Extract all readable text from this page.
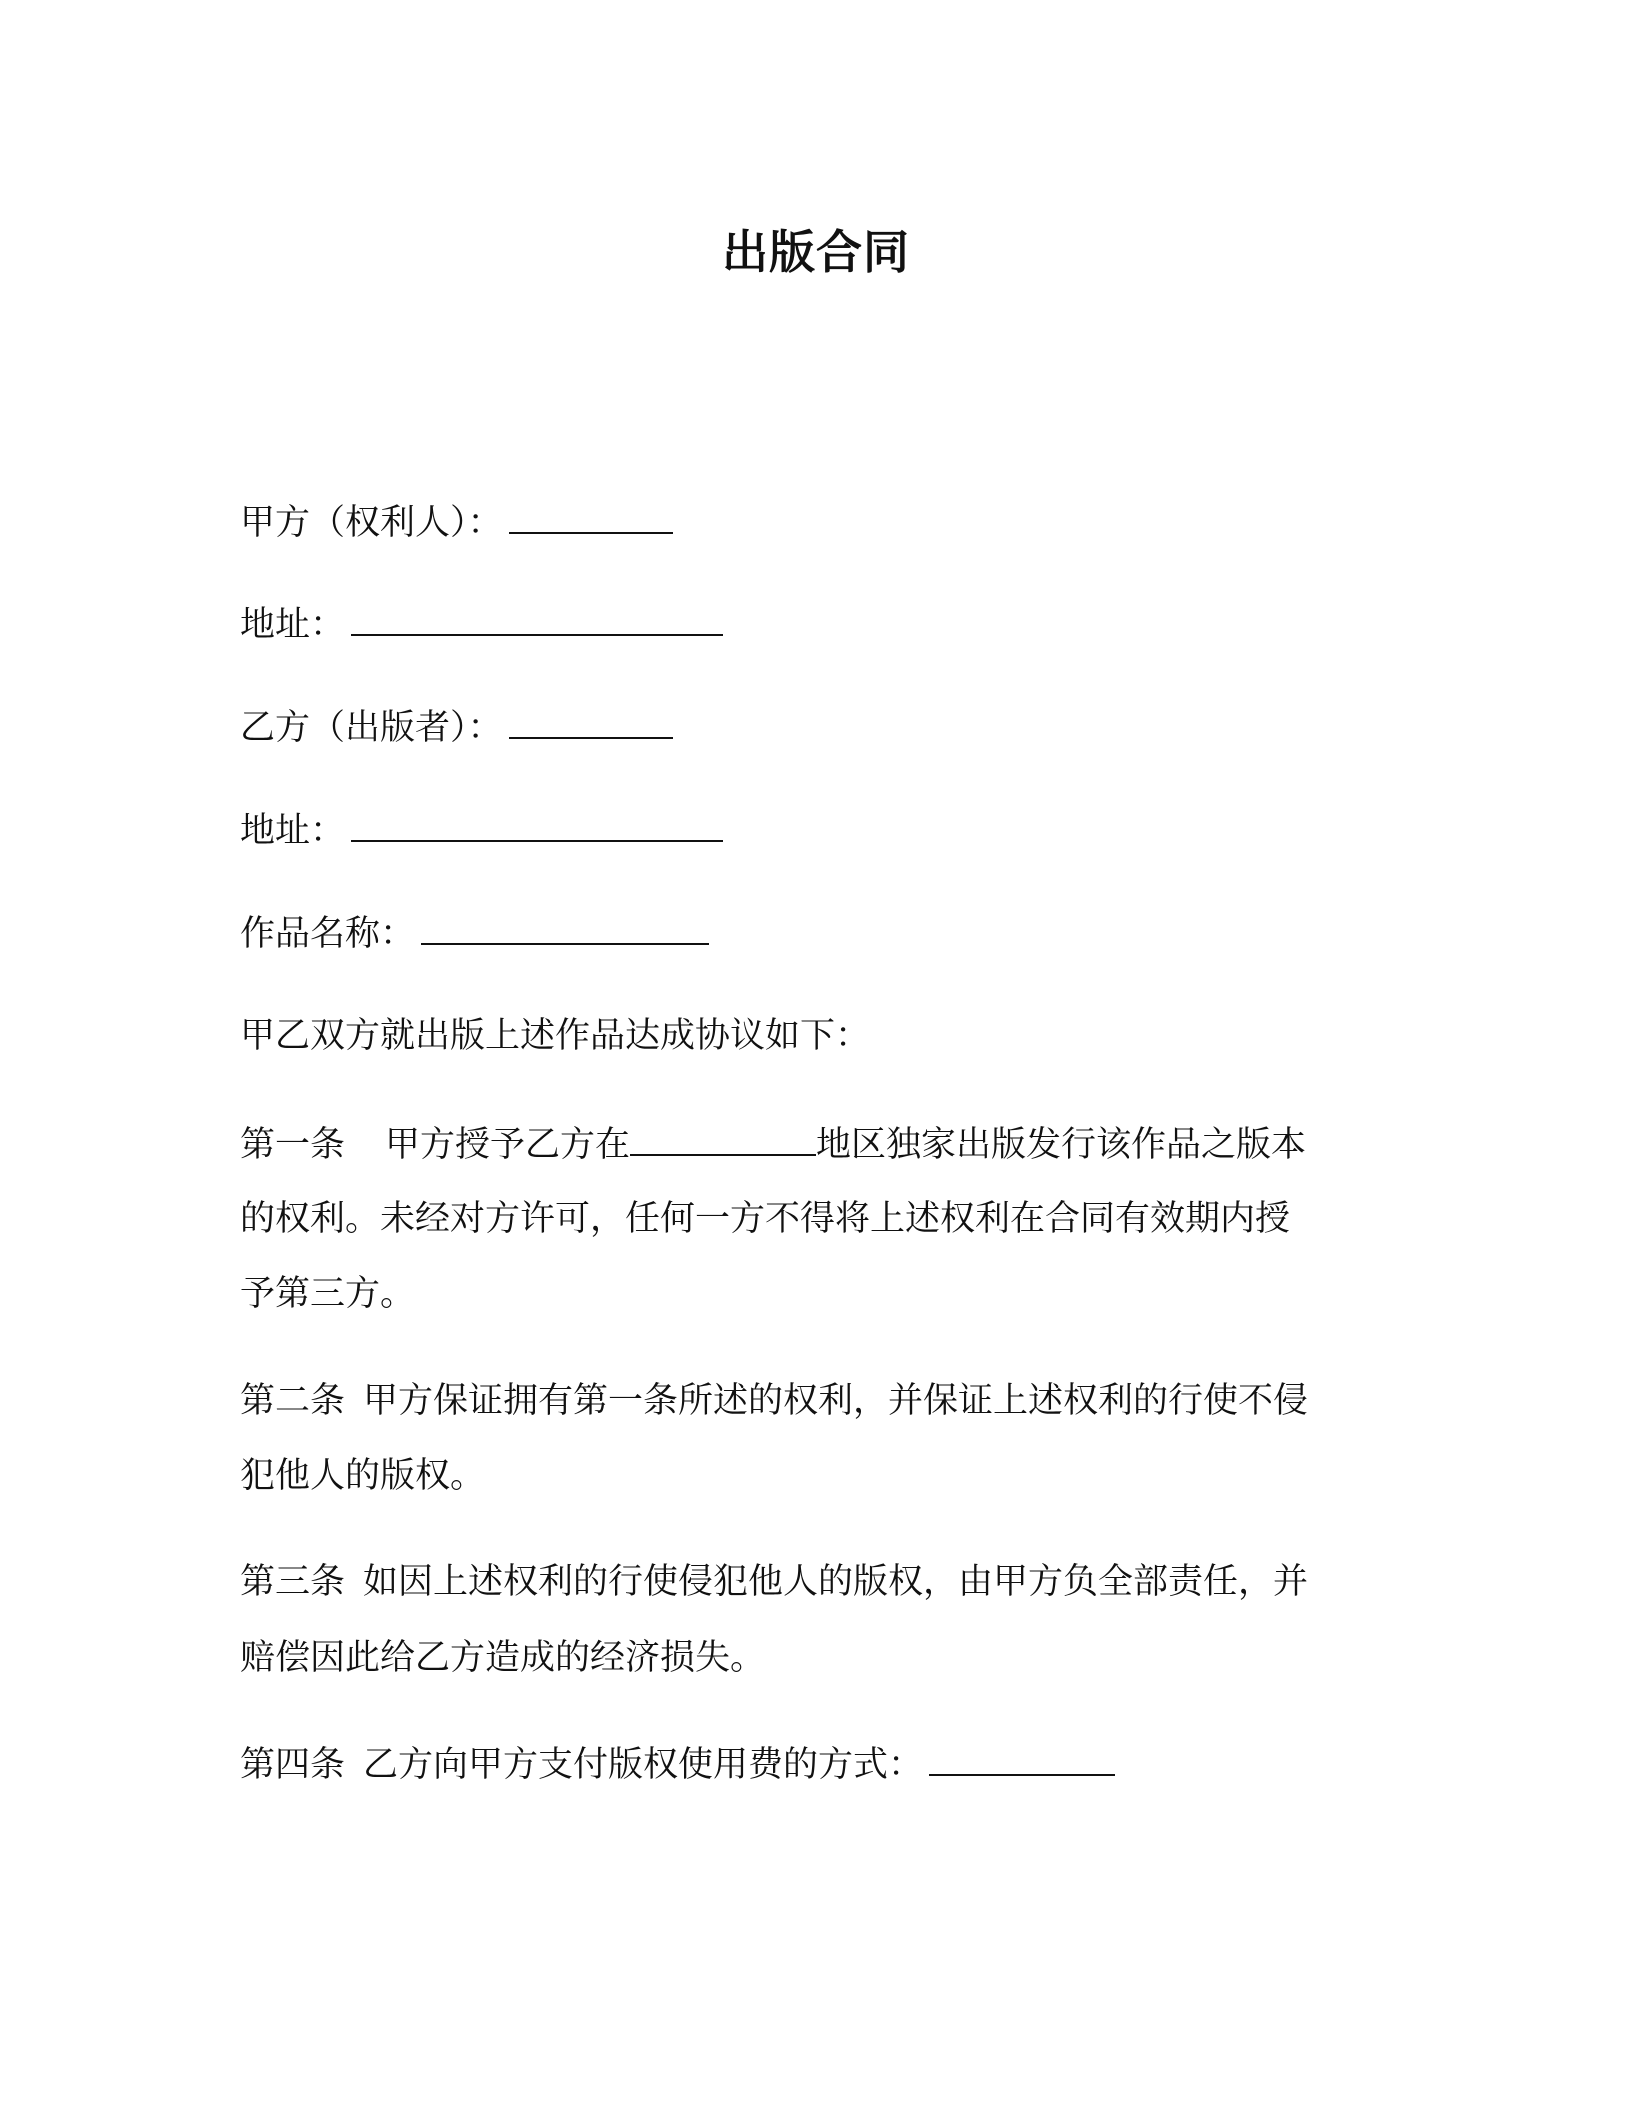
出版合同
甲方（权利人）：
地址：
乙方（出版者）：
地址：
作品名称：
甲乙双方就出版上述作品达成协议如下：
第一条 甲方授予乙方在	地区独家出版发行该作品之版本
的权利。未经对方许可，任何一方不得将上述权利在合同有效期内授
予第三方。
第二条 甲方保证拥有第一条所述的权利，并保证上述权利的行使不侵
犯他人的版权。
第三条 如因上述权利的行使侵犯他人的版权，由甲方负全部责任，并
赔偿因此给乙方造成的经济损失。
第四条 乙方向甲方支付版权使用费的方式：
